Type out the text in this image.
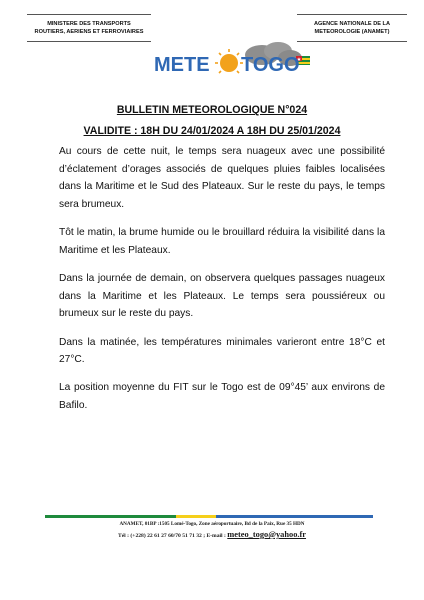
MINISTERE DES TRANSPORTS
ROUTIERS, AERIENS ET FERROVIAIRES
AGENCE NATIONALE DE LA
METEOROLOGIE (ANAMET)
METE TOGO
BULLETIN METEOROLOGIQUE N°024
VALIDITE : 18H DU 24/01/2024 A 18H DU 25/01/2024

Au cours de cette nuit, le temps sera nuageux avec une possibilité d’éclatement d’orages associés de quelques pluies faibles localisées dans la Maritime et le Sud des Plateaux. Sur le reste du pays, le temps sera brumeux.

Tôt le matin, la brume humide ou le brouillard réduira la visibilité dans la Maritime et les Plateaux.

Dans la journée de demain, on observera quelques passages nuageux dans la Maritime et les Plateaux. Le temps sera poussiéreux ou brumeux sur le reste du pays.

Dans la matinée, les températures minimales varieront entre 18°C et 27°C.

La position moyenne du FIT sur le Togo est de 09°45’ aux environs de Bafilo.

ANAMET, 01BP :1505 Lomé-Togo, Zone aéroportuaire, Bd de la Paix, Rue 35 HDN
Tél : (+228) 22 61 27 60/70 51 71 32 ; E-mail : meteo_togo@yahoo.fr
